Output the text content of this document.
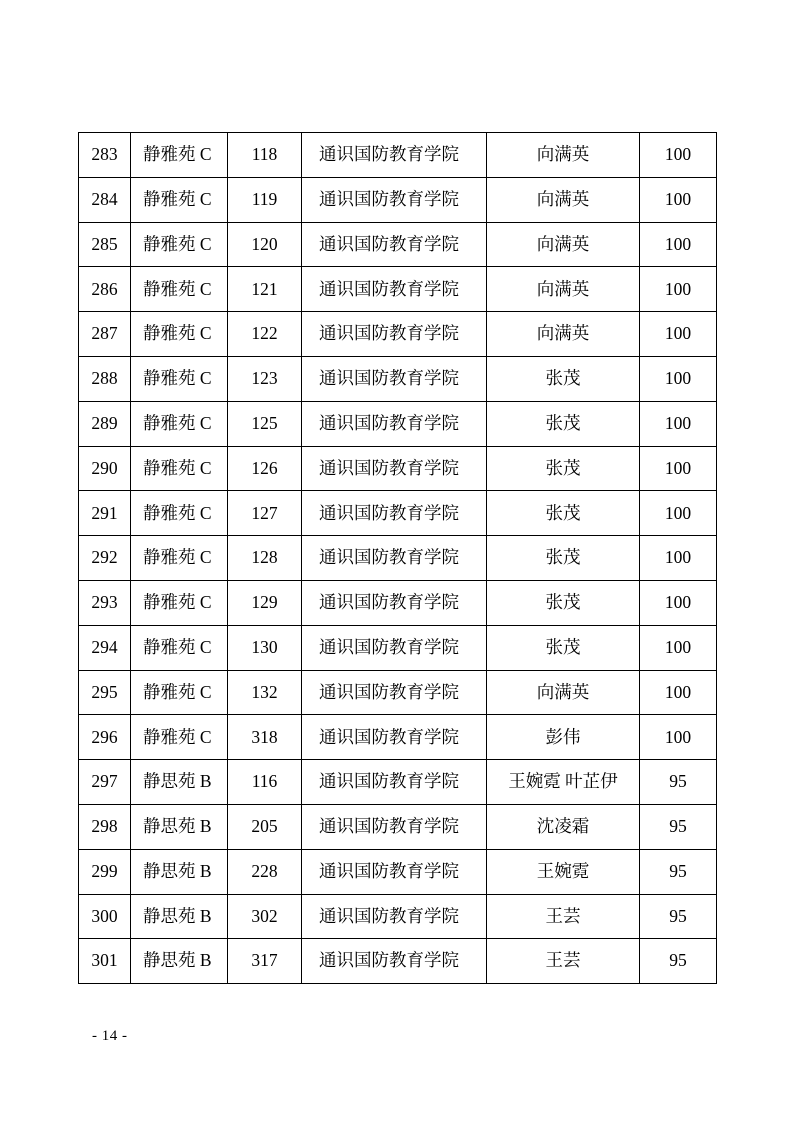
283	静雅苑 C	118	通识国防教育学院	向满英	100
284	静雅苑 C	119	通识国防教育学院	向满英	100
285	静雅苑 C	120	通识国防教育学院	向满英	100
286	静雅苑 C	121	通识国防教育学院	向满英	100
287	静雅苑 C	122	通识国防教育学院	向满英	100
288	静雅苑 C	123	通识国防教育学院	张茂	100
289	静雅苑 C	125	通识国防教育学院	张茂	100
290	静雅苑 C	126	通识国防教育学院	张茂	100
291	静雅苑 C	127	通识国防教育学院	张茂	100
292	静雅苑 C	128	通识国防教育学院	张茂	100
293	静雅苑 C	129	通识国防教育学院	张茂	100
294	静雅苑 C	130	通识国防教育学院	张茂	100
295	静雅苑 C	132	通识国防教育学院	向满英	100
296	静雅苑 C	318	通识国防教育学院	彭伟	100
297	静思苑 B	116	通识国防教育学院	王婉霓 叶芷伊	95
298	静思苑 B	205	通识国防教育学院	沈凌霜	95
299	静思苑 B	228	通识国防教育学院	王婉霓	95
300	静思苑 B	302	通识国防教育学院	王芸	95
301	静思苑 B	317	通识国防教育学院	王芸	95
- 14 -
